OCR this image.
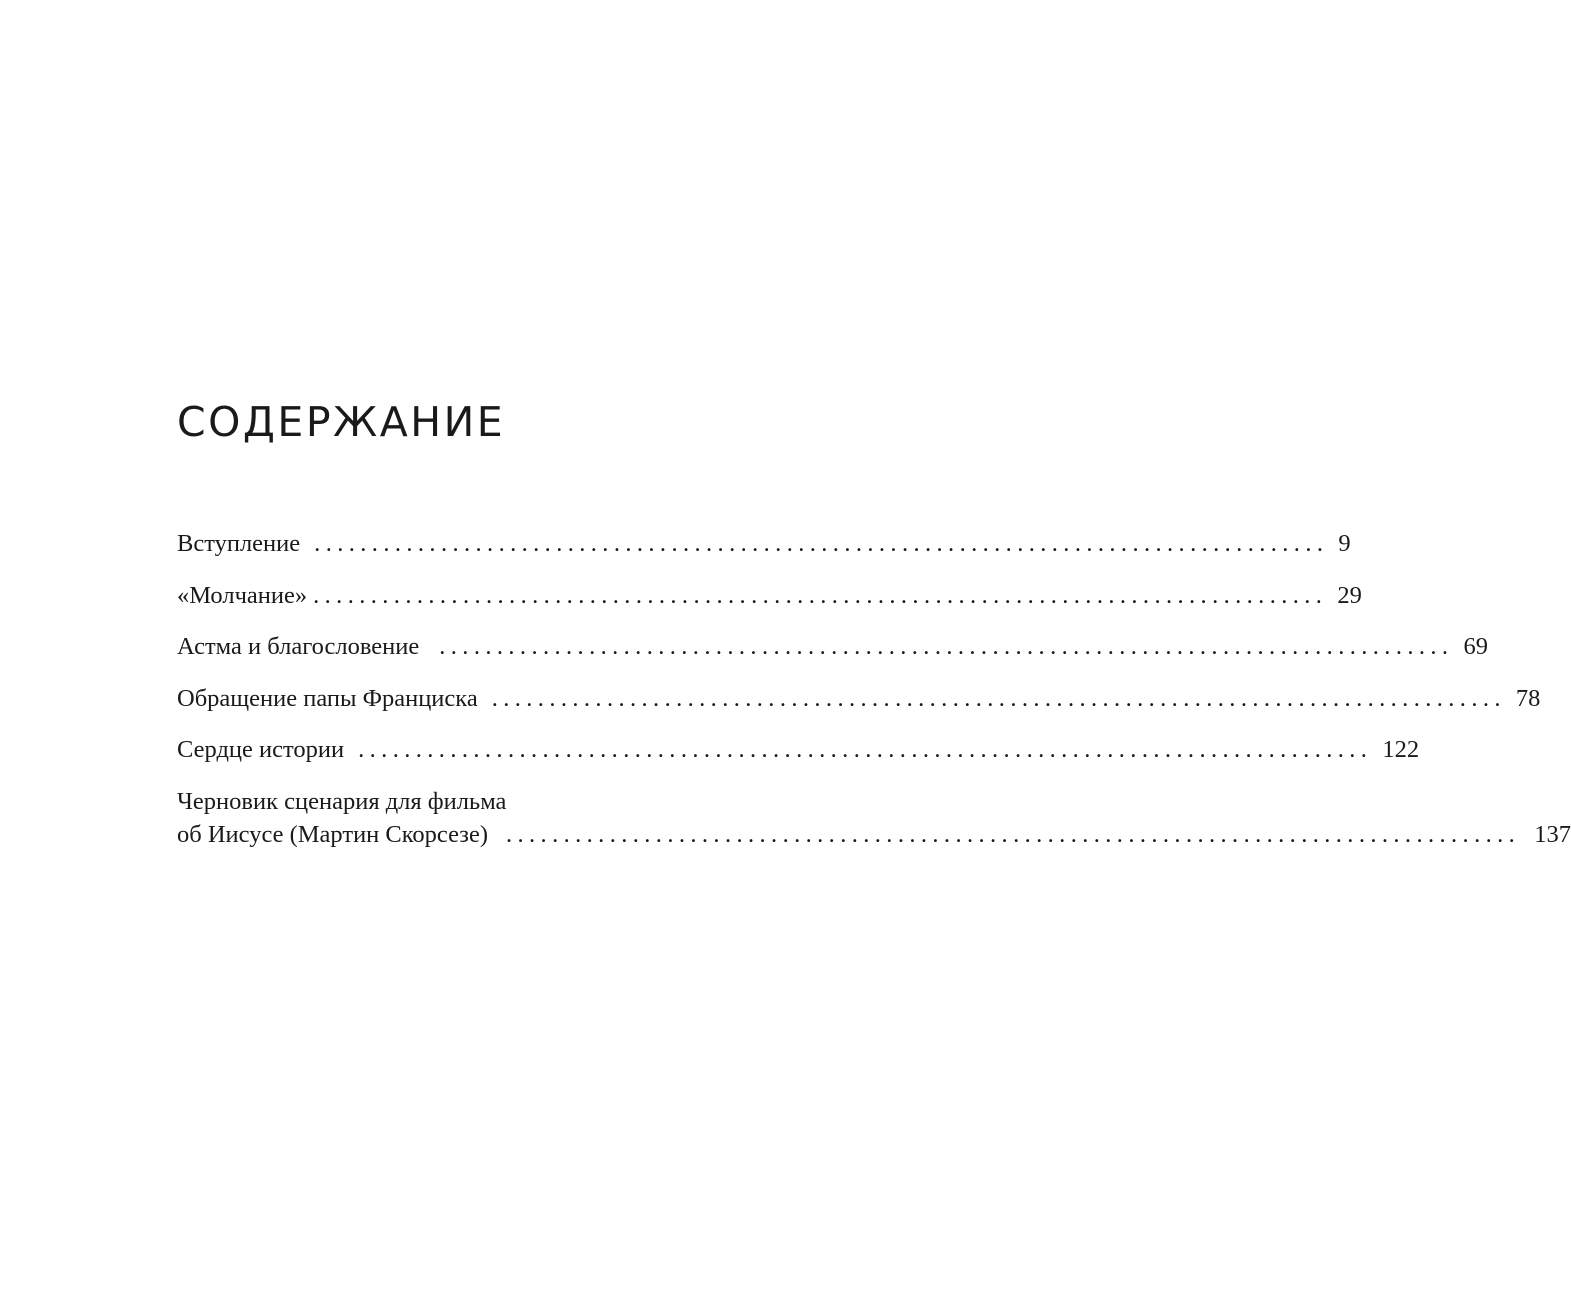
СОДЕРЖАНИЕ
Вступление ........................................................................................ 9
«Молчание» ........................................................................................ 29
Астма и благословение ........................................................................................ 69
Обращение папы Франциска ........................................................................................ 78
Сердце истории ........................................................................................ 122
Черновик сценария для фильма
об Иисусе (Мартин Скорсезе) ........................................................................................ 137
